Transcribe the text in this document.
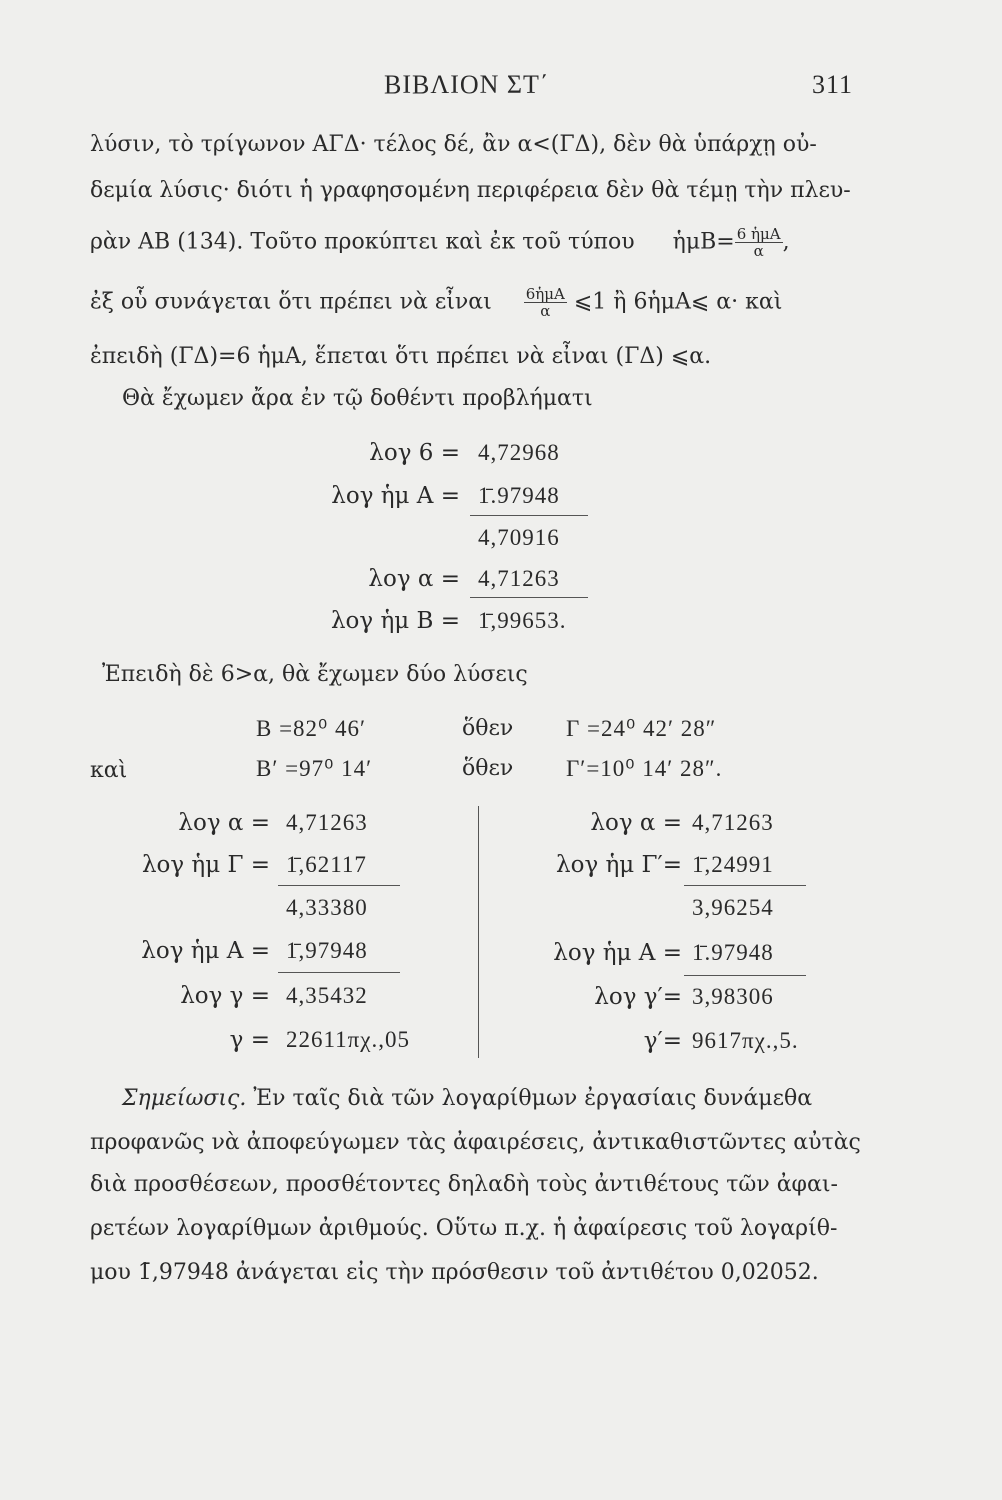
ΒΙΒΛΙΟΝ ΣΤ΄	311
λύσιν, τὸ τρίγωνον ΑΓΔ· τέλος δέ, ἂν α<(ΓΔ), δὲν θὰ ὑπάρχῃ οὐ-
δεμία λύσις· διότι ἡ γραφησομένη περιφέρεια δὲν θὰ τέμῃ τὴν πλευ-
ρὰν ΑΒ (134). Τοῦτο προκύπτει καὶ ἐκ τοῦ τύπου ἡμΒ= $\frac{\text{6 ἡμΑ}}{\alpha}$ ,
ἐξ οὗ συνάγεται ὅτι πρέπει νὰ εἶναι $\frac{\text{6ἡμΑ}}{\alpha}$ ⩽1 ἢ 6ἡμΑ⩽ α· καὶ
ἐπειδὴ (ΓΔ)=6 ἡμΑ, ἕπεται ὅτι πρέπει νὰ εἶναι (ΓΔ) ⩽α.
Θὰ ἔχωμεν ἄρα ἐν τῷ δοθέντι προβλήματι
λογ 6 = 4,72968
λογ ἡμ Α = 1̄.97948
4,70916
λογ α = 4,71263
λογ ἡμ Β = 1̄,99653.
Ἐπειδὴ δὲ 6>α, θὰ ἔχωμεν δύο λύσεις
Β =82⁰ 46′	ὅθεν Γ =24⁰ 42′ 28″
καὶ	Β′ =97⁰ 14′	ὅθεν Γ′=10⁰ 14′ 28″.
λογ α = 4,71263
λογ ἡμ Γ = 1̄,62117
4,33380
λογ ἡμ Α = 1̄,97948
λογ γ = 4,35432
γ = 22611πχ.,05
λογ α = 4,71263
λογ ἡμ Γ′= 1̄,24991
3,96254
λογ ἡμ Α = 1̄.97948
λογ γ′= 3,98306
γ′= 9617πχ.,5.
Σημείωσις. Ἐν ταῖς διὰ τῶν λογαρίθμων ἐργασίαις δυνάμεθα
προφανῶς νὰ ἀποφεύγωμεν τὰς ἀφαιρέσεις, ἀντικαθιστῶντες αὐτὰς
διὰ προσθέσεων, προσθέτοντες δηλαδὴ τοὺς ἀντιθέτους τῶν ἀφαι-
ρετέων λογαρίθμων ἀριθμούς. Οὕτω π.χ. ἡ ἀφαίρεσις τοῦ λογαρίθ-
μου 1̄,97948 ἀνάγεται εἰς τὴν πρόσθεσιν τοῦ ἀντιθέτου 0,02052.
